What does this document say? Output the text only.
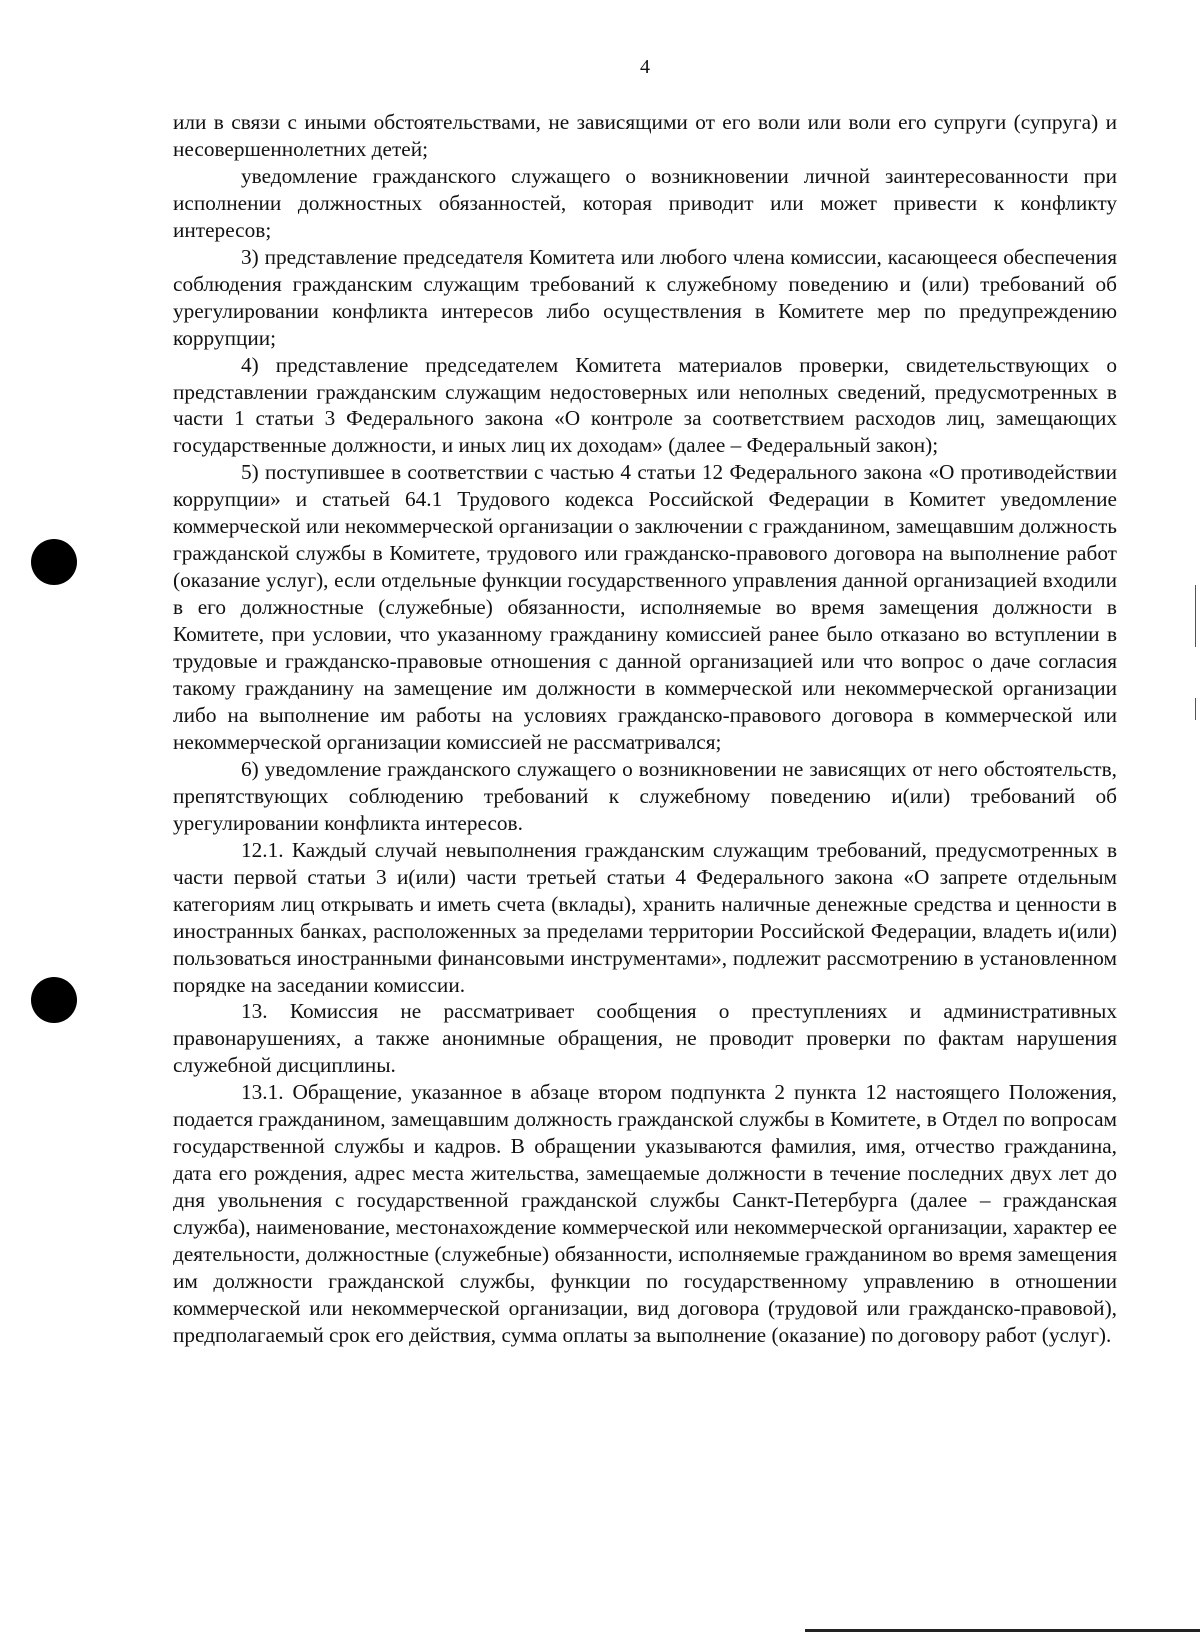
4

или в связи с иными обстоятельствами, не зависящими от его воли или воли его супруги (супруга) и несовершеннолетних детей;

уведомление гражданского служащего о возникновении личной заинтересованности при исполнении должностных обязанностей, которая приводит или может привести к конфликту интересов;

3) представление председателя Комитета или любого члена комиссии, касающееся обеспечения соблюдения гражданским служащим требований к служебному поведению и (или) требований об урегулировании конфликта интересов либо осуществления в Комитете мер по предупреждению коррупции;

4) представление председателем Комитета материалов проверки, свидетельствующих о представлении гражданским служащим недостоверных или неполных сведений, предусмотренных в части 1 статьи 3 Федерального закона «О контроле за соответствием расходов лиц, замещающих государственные должности, и иных лиц их доходам» (далее – Федеральный закон);

5) поступившее в соответствии с частью 4 статьи 12 Федерального закона «О противодействии коррупции» и статьей 64.1 Трудового кодекса Российской Федерации в Комитет уведомление коммерческой или некоммерческой организации о заключении с гражданином, замещавшим должность гражданской службы в Комитете, трудового или гражданско-правового договора на выполнение работ (оказание услуг), если отдельные функции государственного управления данной организацией входили в его должностные (служебные) обязанности, исполняемые во время замещения должности в Комитете, при условии, что указанному гражданину комиссией ранее было отказано во вступлении в трудовые и гражданско-правовые отношения с данной организацией или что вопрос о даче согласия такому гражданину на замещение им должности в коммерческой или некоммерческой организации либо на выполнение им работы на условиях гражданско-правового договора в коммерческой или некоммерческой организации комиссией не рассматривался;

6) уведомление гражданского служащего о возникновении не зависящих от него обстоятельств, препятствующих соблюдению требований к служебному поведению и(или) требований об урегулировании конфликта интересов.

12.1. Каждый случай невыполнения гражданским служащим требований, предусмотренных в части первой статьи 3 и(или) части третьей статьи 4 Федерального закона «О запрете отдельным категориям лиц открывать и иметь счета (вклады), хранить наличные денежные средства и ценности в иностранных банках, расположенных за пределами территории Российской Федерации, владеть и(или) пользоваться иностранными финансовыми инструментами», подлежит рассмотрению в установленном порядке на заседании комиссии.

13. Комиссия не рассматривает сообщения о преступлениях и административных правонарушениях, а также анонимные обращения, не проводит проверки по фактам нарушения служебной дисциплины.

13.1. Обращение, указанное в абзаце втором подпункта 2 пункта 12 настоящего Положения, подается гражданином, замещавшим должность гражданской службы в Комитете, в Отдел по вопросам государственной службы и кадров. В обращении указываются фамилия, имя, отчество гражданина, дата его рождения, адрес места жительства, замещаемые должности в течение последних двух лет до дня увольнения с государственной гражданской службы Санкт-Петербурга (далее – гражданская служба), наименование, местонахождение коммерческой или некоммерческой организации, характер ее деятельности, должностные (служебные) обязанности, исполняемые гражданином во время замещения им должности гражданской службы, функции по государственному управлению в отношении коммерческой или некоммерческой организации, вид договора (трудовой или гражданско-правовой), предполагаемый срок его действия, сумма оплаты за выполнение (оказание) по договору работ (услуг).
